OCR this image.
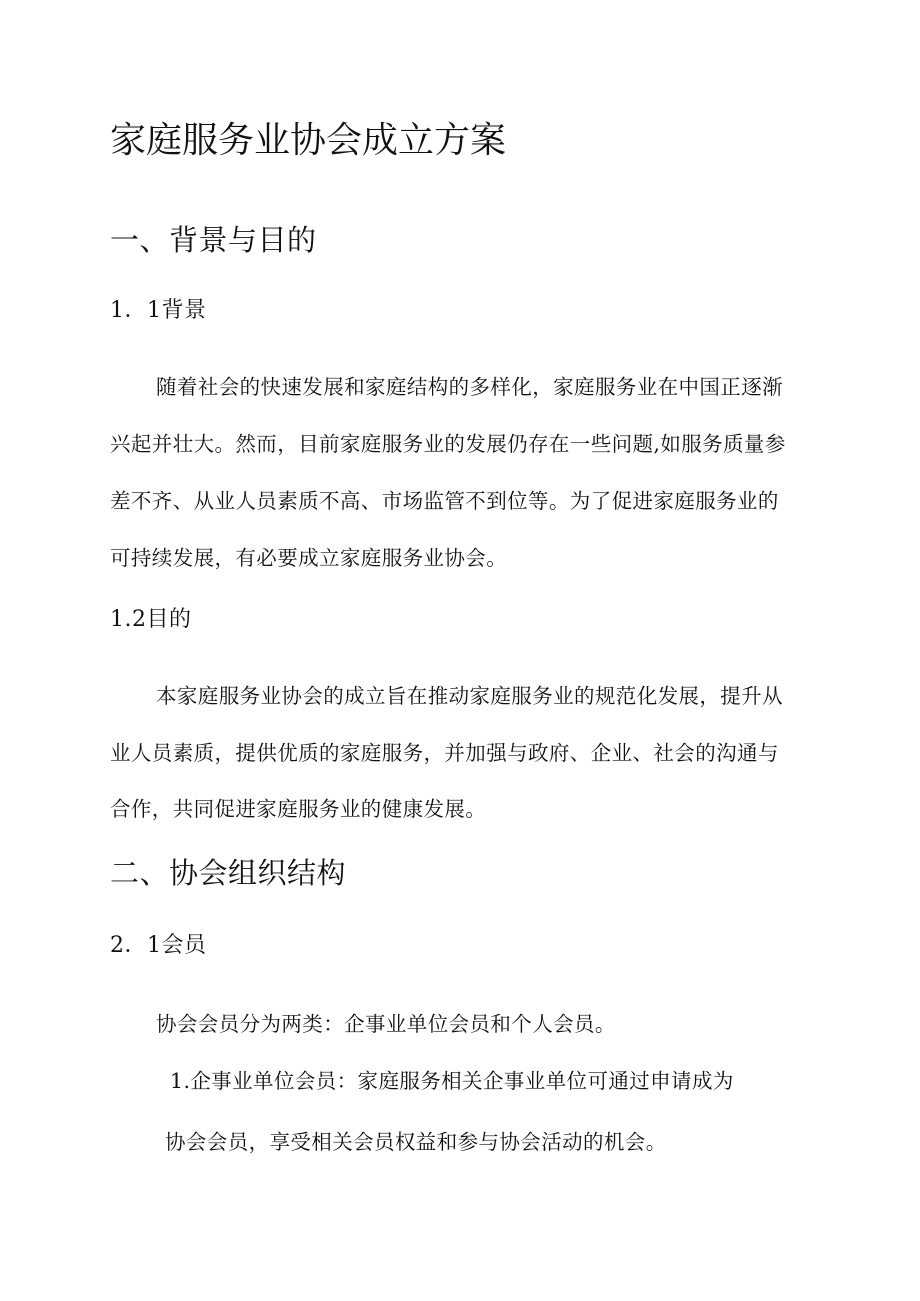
家庭服务业协会成立方案
一、背景与目的
1．1背景
随着社会的快速发展和家庭结构的多样化，家庭服务业在中国正逐渐
兴起并壮大。然而，目前家庭服务业的发展仍存在一些问题,如服务质量参
差不齐、从业人员素质不高、市场监管不到位等。为了促进家庭服务业的
可持续发展，有必要成立家庭服务业协会。
1.2目的
本家庭服务业协会的成立旨在推动家庭服务业的规范化发展，提升从
业人员素质，提供优质的家庭服务，并加强与政府、企业、社会的沟通与
合作，共同促进家庭服务业的健康发展。
二、协会组织结构
2．1会员
协会会员分为两类：企事业单位会员和个人会员。
1.企事业单位会员：家庭服务相关企事业单位可通过申请成为
协会会员，享受相关会员权益和参与协会活动的机会。
